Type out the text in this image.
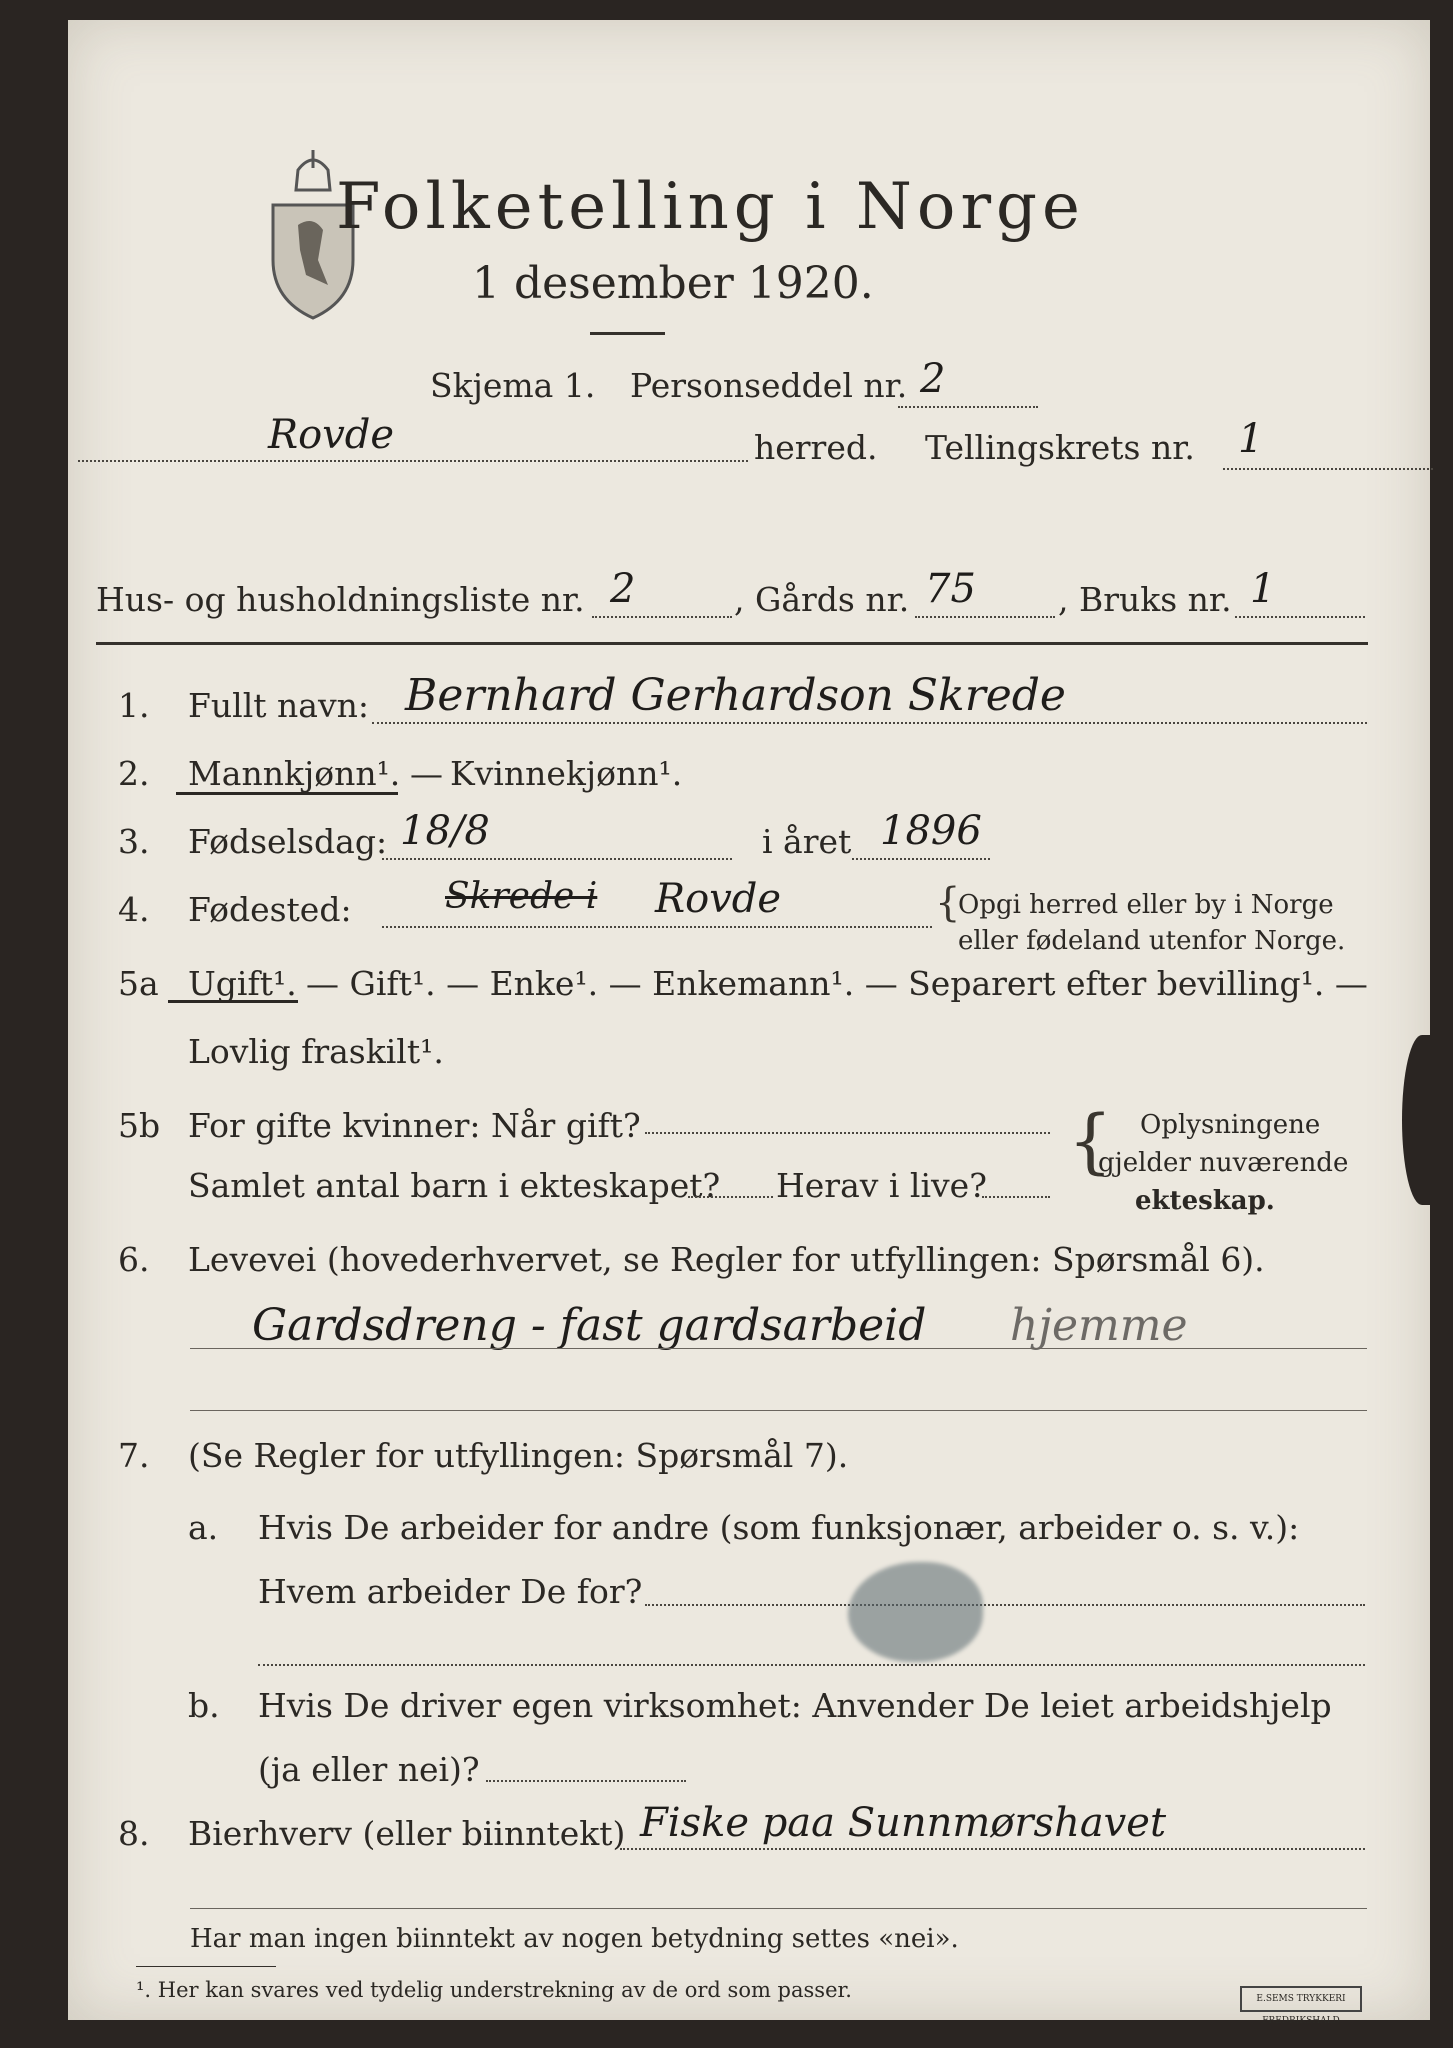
Folketelling i Norge
1 desember 1920.
Skjema 1. Personseddel nr. 2
Rovde	herred. Tellingskrets nr. 1
Hus- og husholdningsliste nr. 2	, Gårds nr. 75 , Bruks nr. 1
1. Fullt navn: Bernhard Gerhardson Skrede
2. Mannkjønn¹. — Kvinnekjønn¹.
3. Fødselsdag: 18/8	i året 1896
4. Fødested:	Skrede i Rovde	{
Opgi herred eller by i Norge
eller fødeland utenfor Norge.
5a Ugift¹. — Gift¹. — Enke¹. — Enkemann¹. — Separert efter bevilling¹. —
Lovlig fraskilt¹.
5b For gifte kvinner: Når gift?
Samlet antal barn i ekteskapet? Herav i live?
{ Oplysningene
gjelder nuværende
ekteskap.
6. Levevei (hovederhvervet, se Regler for utfyllingen: Spørsmål 6).
Gardsdreng - fast gardsarbeid hjemme
7. (Se Regler for utfyllingen: Spørsmål 7).
a. Hvis De arbeider for andre (som funksjonær, arbeider o. s. v.):
Hvem arbeider De for?
b. Hvis De driver egen virksomhet: Anvender De leiet arbeidshjelp
(ja eller nei)?
8. Bierhverv (eller biinntekt) Fiske paa Sunnmørshavet
Har man ingen biinntekt av nogen betydning settes «nei».
¹. Her kan svares ved tydelig understrekning av de ord som passer.	E.SEMS TRYKKERI FREDRIKSHALD
